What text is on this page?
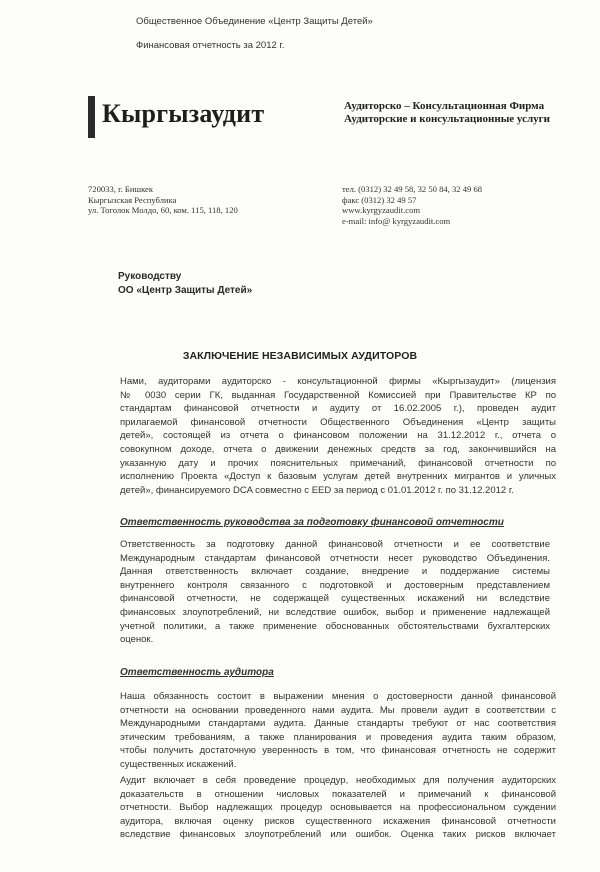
Общественное Объединение «Центр Защиты Детей»
Финансовая отчетность за 2012 г.
Кыргызаудит	Аудиторско – Консультационная Фирма
Аудиторские и консультационные услуги
720033, г. Бишкек
Кыргызская Республика
ул. Тоголок Молдо, 60, ком. 115, 118, 120
тел. (0312) 32 49 58, 32 50 84, 32 49 68
факс (0312) 32 49 57
www.kyrgyzaudit.com
e-mail: info@ kyrgyzaudit.com
Руководству
ОО «Центр Защиты Детей»
ЗАКЛЮЧЕНИЕ НЕЗАВИСИМЫХ АУДИТОРОВ
Нами, аудиторами аудиторско - консультационной фирмы «Кыргызаудит» (лицензия
№ 0030 серии ГК, выданная Государственной Комиссией при Правительстве КР по
стандартам финансовой отчетности и аудиту от 16.02.2005 г.), проведен аудит
прилагаемой финансовой отчетности Общественного Объединения «Центр защиты
детей», состоящей из отчета о финансовом положении на 31.12.2012 г., отчета о
совокупном доходе, отчета о движении денежных средств за год, закончившийся на
указанную дату и прочих пояснительных примечаний, финансовой отчетности по
исполнению Проекта «Доступ к базовым услугам детей внутренних мигрантов и уличных
детей», финансируемого DCA совместно с EED за период с 01.01.2012 г. по 31.12.2012 г.
Ответственность руководства за подготовку финансовой отчетности
Ответственность за подготовку данной финансовой отчетности и ее соответствие
Международным стандартам финансовой отчетности несет руководство Объединения.
Данная ответственность включает создание, внедрение и поддержание системы
внутреннего контроля связанного с подготовкой и достоверным представлением
финансовой отчетности, не содержащей существенных искажений ни вследствие
финансовых злоупотреблений, ни вследствие ошибок, выбор и применение надлежащей
учетной политики, а также применение обоснованных обстоятельствами бухгалтерских
оценок.
Ответственность аудитора
Наша обязанность состоит в выражении мнения о достоверности данной финансовой
отчетности на основании проведенного нами аудита. Мы провели аудит в соответствии с
Международными стандартами аудита. Данные стандарты требуют от нас соответствия
этическим требованиям, а также планирования и проведения аудита таким образом,
чтобы получить достаточную уверенность в том, что финансовая отчетность не содержит
существенных искажений.
Аудит включает в себя проведение процедур, необходимых для получения аудиторских
доказательств в отношении числовых показателей и примечаний к финансовой
отчетности. Выбор надлежащих процедур основывается на профессиональном суждении
аудитора, включая оценку рисков существенного искажения финансовой отчетности
вследствие финансовых злоупотреблений или ошибок. Оценка таких рисков включает
